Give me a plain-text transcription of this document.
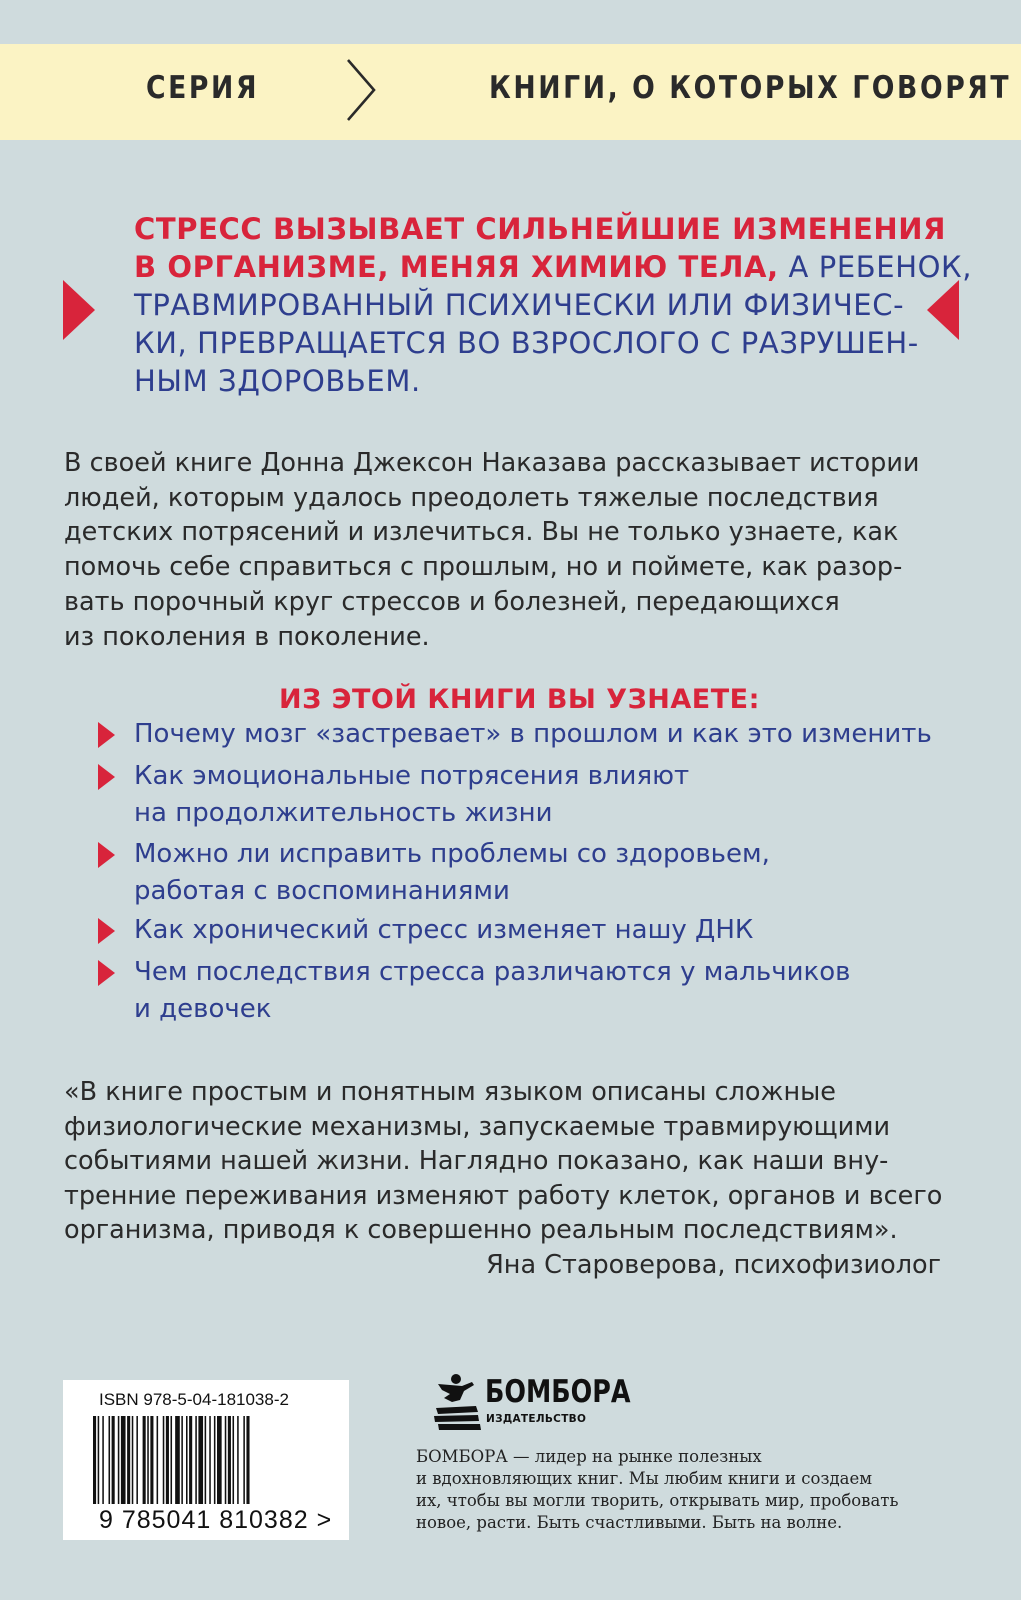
СЕРИЯ	КНИГИ, О КОТОРЫХ ГОВОРЯТ
СТРЕСС ВЫЗЫВАЕТ СИЛЬНЕЙШИЕ ИЗМЕНЕНИЯ
В ОРГАНИЗМЕ, МЕНЯЯ ХИМИЮ ТЕЛА, А РЕБЕНОК,
ТРАВМИРОВАННЫЙ ПСИХИЧЕСКИ ИЛИ ФИЗИЧЕС-
КИ, ПРЕВРАЩАЕТСЯ ВО ВЗРОСЛОГО С РАЗРУШЕН-
НЫМ ЗДОРОВЬЕМ.
В своей книге Донна Джексон Наказава рассказывает истории
людей, которым удалось преодолеть тяжелые последствия
детских потрясений и излечиться. Вы не только узнаете, как
помочь себе справиться с прошлым, но и поймете, как разор-
вать порочный круг стрессов и болезней, передающихся
из поколения в поколение.
ИЗ ЭТОЙ КНИГИ ВЫ УЗНАЕТЕ:
Почему мозг «застревает» в прошлом и как это изменить
Как эмоциональные потрясения влияют
на продолжительность жизни
Можно ли исправить проблемы со здоровьем,
работая с воспоминаниями
Как хронический стресс изменяет нашу ДНК
Чем последствия стресса различаются у мальчиков
и девочек
«В книге простым и понятным языком описаны сложные
физиологические механизмы, запускаемые травмирующими
событиями нашей жизни. Наглядно показано, как наши вну-
тренние переживания изменяют работу клеток, органов и всего
организма, приводя к совершенно реальным последствиям».
Яна Староверова, психофизиолог
ISBN 978-5-04-181038-2
9 785041 810382 >
БОМБОРА
ИЗДАТЕЛЬСТВО
БОМБОРА — лидер на рынке полезных
и вдохновляющих книг. Мы любим книги и создаем
их, чтобы вы могли творить, открывать мир, пробовать
новое, расти. Быть счастливыми. Быть на волне.
